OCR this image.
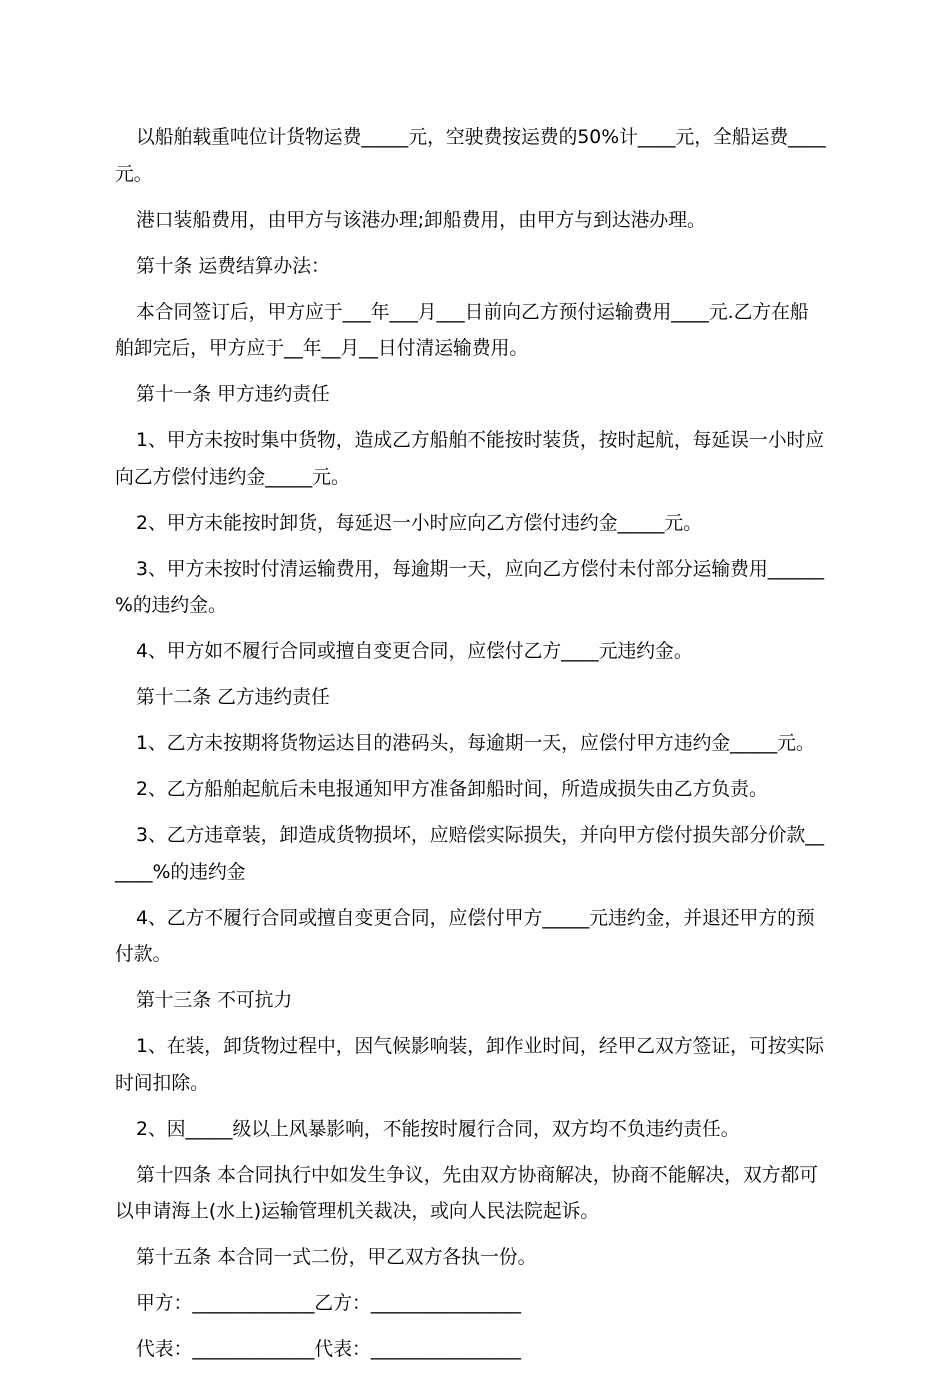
以船舶载重吨位计货物运费_____元，空驶费按运费的50%计____元，全船运费____
元。

港口装船费用，由甲方与该港办理;卸船费用，由甲方与到达港办理。

第十条 运费结算办法：

本合同签订后，甲方应于___年___月___日前向乙方预付运输费用____元.乙方在船
舶卸完后，甲方应于__年__月__日付清运输费用。

第十一条 甲方违约责任

1、甲方未按时集中货物，造成乙方船舶不能按时装货，按时起航，每延误一小时应
向乙方偿付违约金_____元。

2、甲方未能按时卸货，每延迟一小时应向乙方偿付违约金_____元。

3、甲方未按时付清运输费用，每逾期一天，应向乙方偿付未付部分运输费用______
%的违约金。

4、甲方如不履行合同或擅自变更合同，应偿付乙方____元违约金。

第十二条 乙方违约责任

1、乙方未按期将货物运达目的港码头，每逾期一天，应偿付甲方违约金_____元。

2、乙方船舶起航后未电报通知甲方准备卸船时间，所造成损失由乙方负责。

3、乙方违章装，卸造成货物损坏，应赔偿实际损失，并向甲方偿付损失部分价款__
____%的违约金

4、乙方不履行合同或擅自变更合同，应偿付甲方_____元违约金，并退还甲方的预
付款。

第十三条 不可抗力

1、在装，卸货物过程中，因气候影响装，卸作业时间，经甲乙双方签证，可按实际
时间扣除。

2、因_____级以上风暴影响，不能按时履行合同，双方均不负违约责任。

第十四条 本合同执行中如发生争议，先由双方协商解决，协商不能解决，双方都可
以申请海上(水上)运输管理机关裁决，或向人民法院起诉。

第十五条 本合同一式二份，甲乙双方各执一份。

甲方：_____________乙方：________________

代表：_____________代表：________________
